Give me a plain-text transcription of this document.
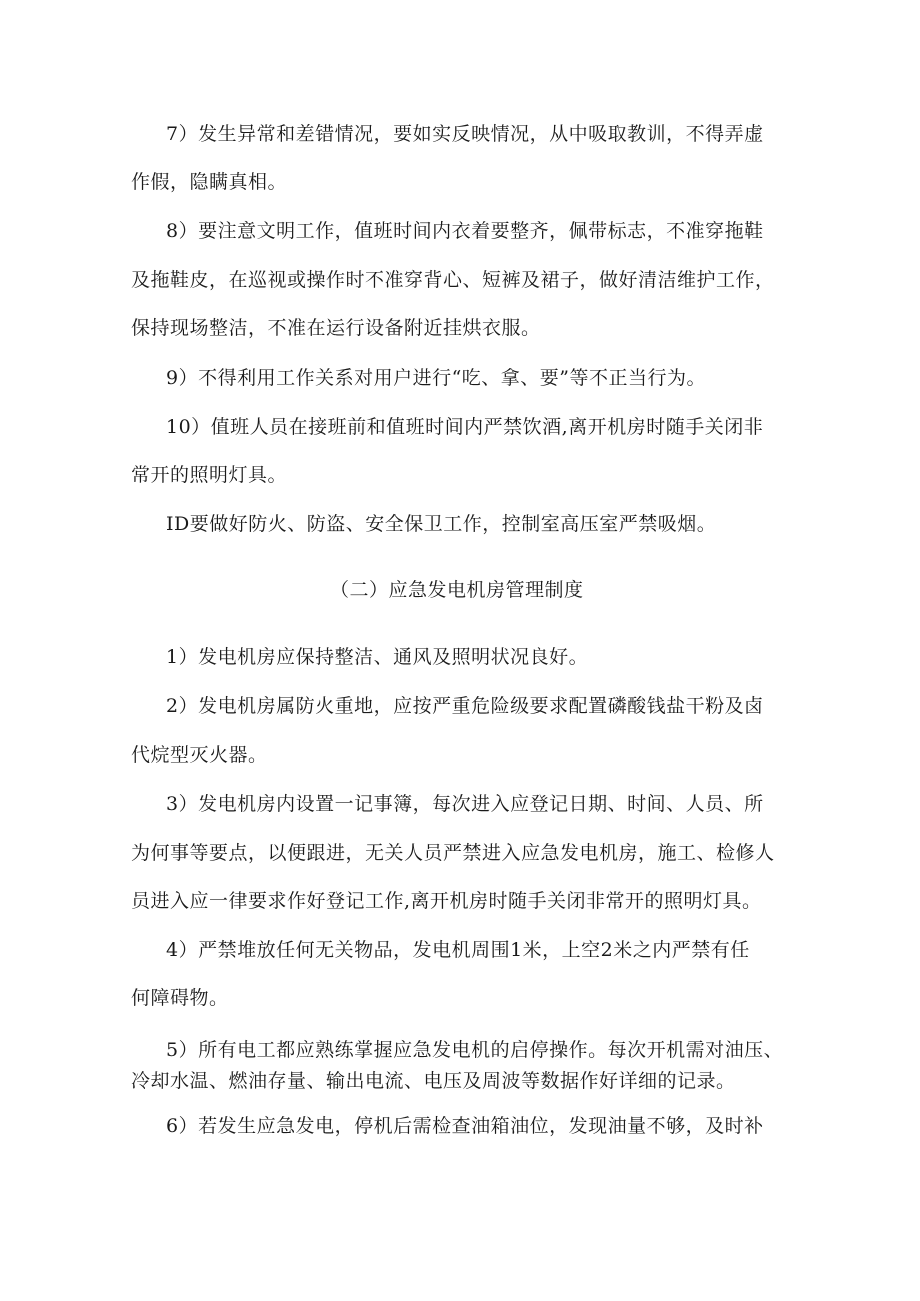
7）发生异常和差错情况，要如实反映情况，从中吸取教训，不得弄虚

作假，隐瞒真相。

8）要注意文明工作，值班时间内衣着要整齐，佩带标志，不准穿拖鞋

及拖鞋皮，在巡视或操作时不准穿背心、短裤及裙子，做好清洁维护工作，

保持现场整洁，不准在运行设备附近挂烘衣服。

9）不得利用工作关系对用户进行“吃、拿、要”等不正当行为。

10）值班人员在接班前和值班时间内严禁饮酒,离开机房时随手关闭非

常开的照明灯具。

ID要做好防火、防盗、安全保卫工作，控制室高压室严禁吸烟。

（二）应急发电机房管理制度

1）发电机房应保持整洁、通风及照明状况良好。

2）发电机房属防火重地，应按严重危险级要求配置磷酸钱盐干粉及卤

代烷型灭火器。

3）发电机房内设置一记事簿，每次进入应登记日期、时间、人员、所

为何事等要点，以便跟进，无关人员严禁进入应急发电机房，施工、检修人

员进入应一律要求作好登记工作,离开机房时随手关闭非常开的照明灯具。

4）严禁堆放任何无关物品，发电机周围1米，上空2米之内严禁有任

何障碍物。

5）所有电工都应熟练掌握应急发电机的启停操作。每次开机需对油压、

冷却水温、燃油存量、输出电流、电压及周波等数据作好详细的记录。

6）若发生应急发电，停机后需检查油箱油位，发现油量不够，及时补
